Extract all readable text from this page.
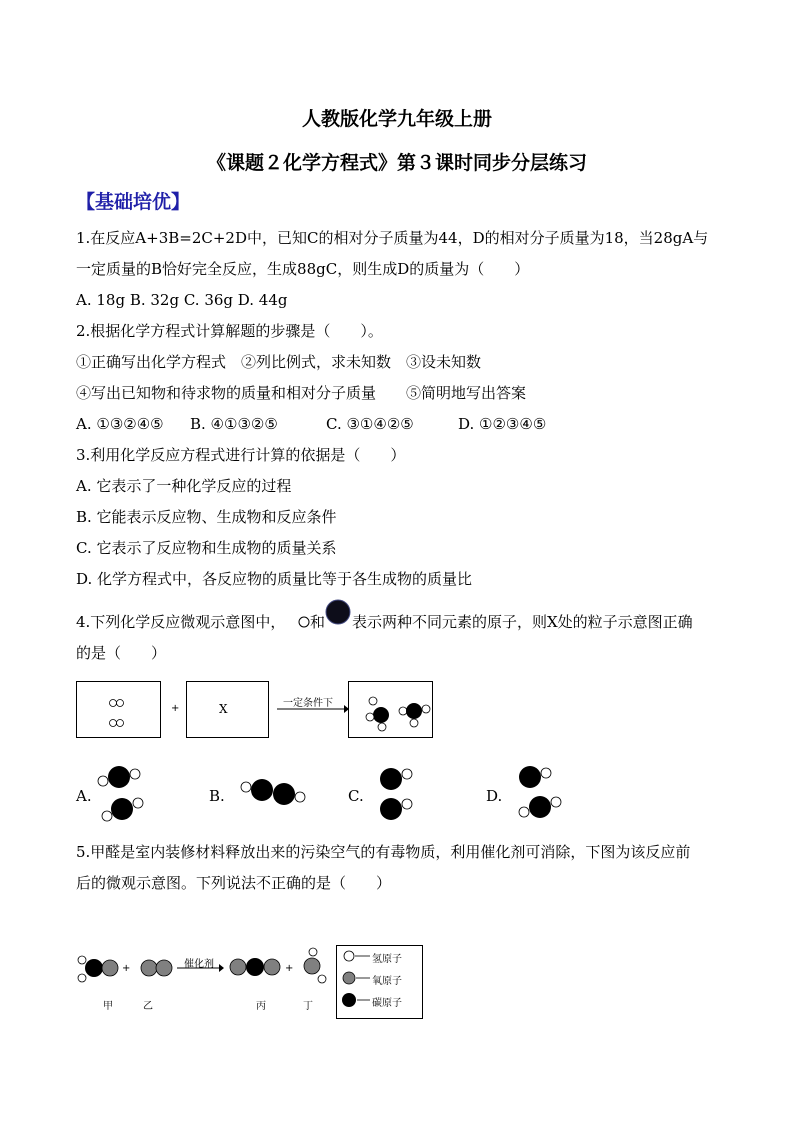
人教版化学九年级上册
《课题２化学方程式》第３课时同步分层练习
【基础培优】
1.在反应A+3B=2C+2D中，已知C的相对分子质量为44，D的相对分子质量为18，当28gA与
一定质量的B恰好完全反应，生成88gC，则生成D的质量为（　　）
A. 18g B. 32g C. 36g D. 44g
2.根据化学方程式计算解题的步骤是（　　）。
①正确写出化学方程式　②列比例式，求未知数　③设未知数
④写出已知物和待求物的质量和相对分子质量　　⑤简明地写出答案
A. ①③②④⑤ B. ④①③②⑤	C. ③①④②⑤	D. ①②③④⑤
3.利用化学反应方程式进行计算的依据是（　　）
A. 它表示了一种化学反应的过程
B. 它能表示反应物、生成物和反应条件
C. 它表示了反应物和生成物的质量关系
D. 化学方程式中，各反应物的质量比等于各生成物的质量比
4.下列化学反应微观示意图中， 和 表示两种不同元素的原子，则X处的粒子示意图正确
的是（　　）
+	X	一定条件下
A.	B.	C.	D.
5.甲醛是室内装修材料释放出来的污染空气的有毒物质，利用催化剂可消除，下图为该反应前
后的微观示意图。下列说法不正确的是（　　）
+	催化剂	+
甲	乙	丙	丁
氢原子
氧原子
碳原子
